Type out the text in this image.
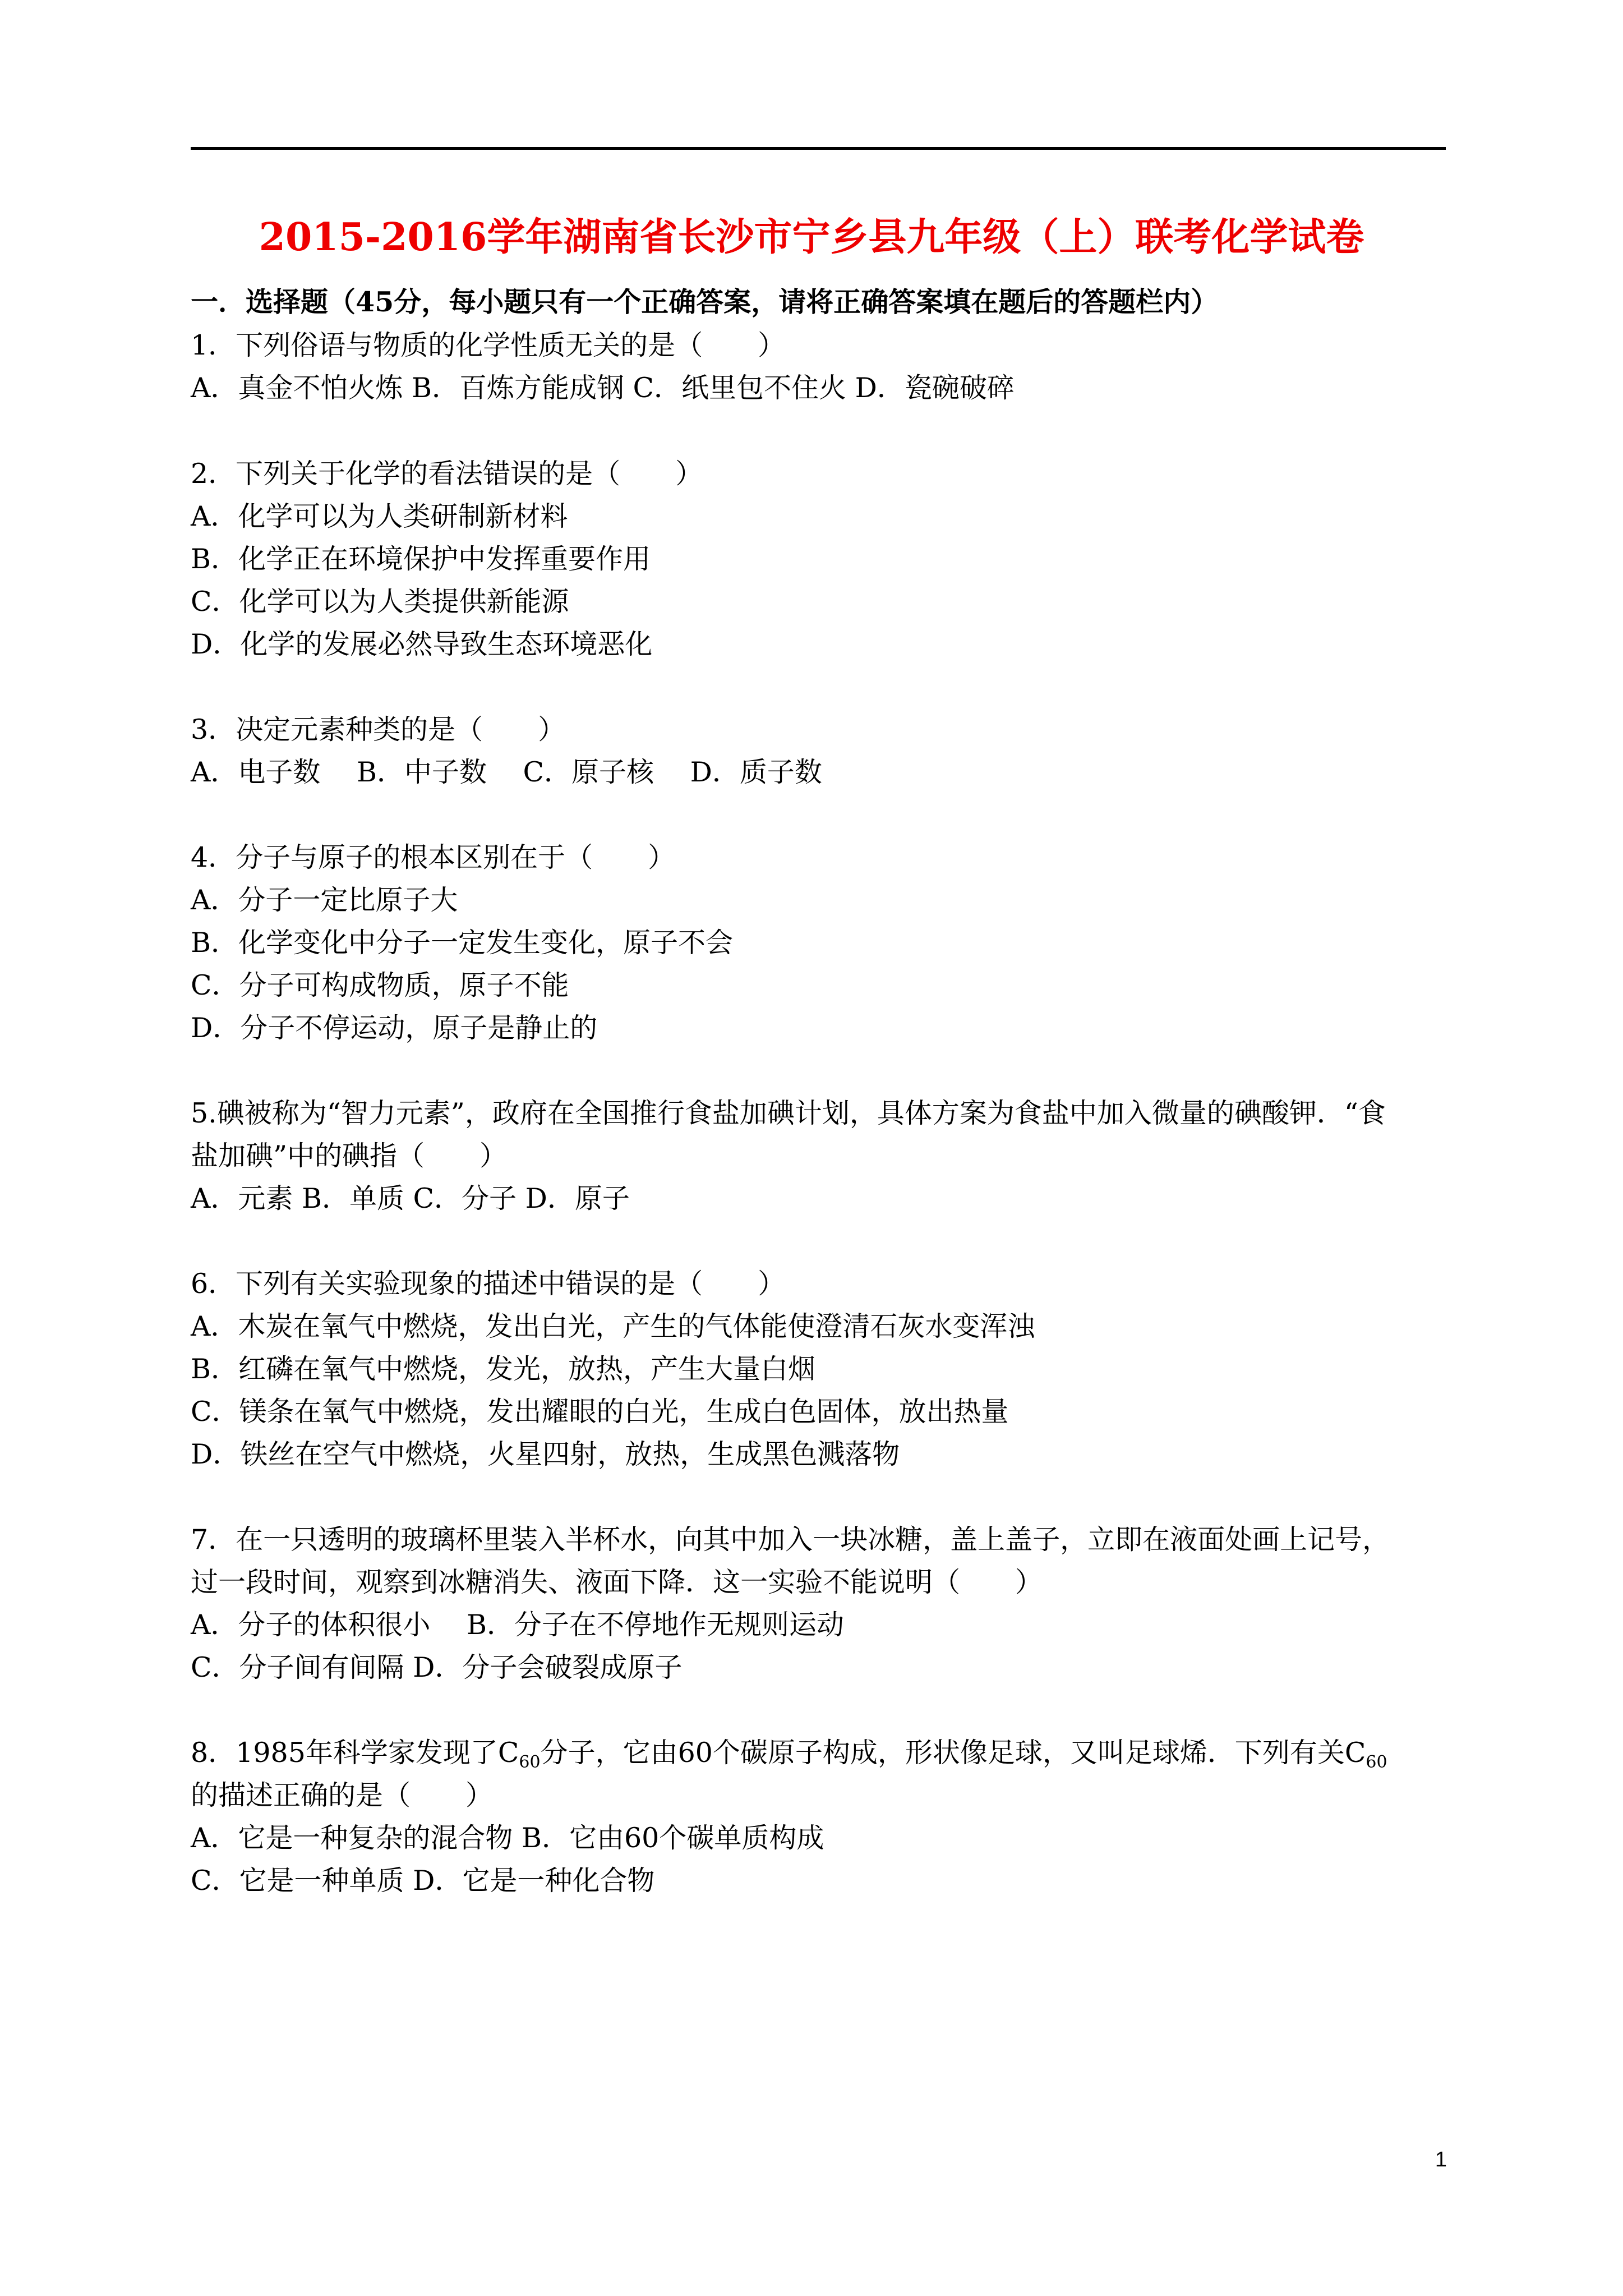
2015-2016学年湖南省长沙市宁乡县九年级（上）联考化学试卷
一．选择题（45分，每小题只有一个正确答案，请将正确答案填在题后的答题栏内）
1．下列俗语与物质的化学性质无关的是（　　）
A．真金不怕火炼 B．百炼方能成钢 C．纸里包不住火 D．瓷碗破碎
2．下列关于化学的看法错误的是（　　）
A．化学可以为人类研制新材料
B．化学正在环境保护中发挥重要作用
C．化学可以为人类提供新能源
D．化学的发展必然导致生态环境恶化
3．决定元素种类的是（　　）
A．电子数　 B．中子数　 C．原子核　 D．质子数
4．分子与原子的根本区别在于（　　）
A．分子一定比原子大
B．化学变化中分子一定发生变化，原子不会
C．分子可构成物质，原子不能
D．分子不停运动，原子是静止的
5.碘被称为“智力元素”，政府在全国推行食盐加碘计划，具体方案为食盐中加入微量的碘酸钾．“食
盐加碘”中的碘指（　　）
A．元素 B．单质 C．分子 D．原子
6．下列有关实验现象的描述中错误的是（　　）
A．木炭在氧气中燃烧，发出白光，产生的气体能使澄清石灰水变浑浊
B．红磷在氧气中燃烧，发光，放热，产生大量白烟
C．镁条在氧气中燃烧，发出耀眼的白光，生成白色固体，放出热量
D．铁丝在空气中燃烧，火星四射，放热，生成黑色溅落物
7．在一只透明的玻璃杯里装入半杯水，向其中加入一块冰糖，盖上盖子，立即在液面处画上记号，
过一段时间，观察到冰糖消失、液面下降．这一实验不能说明（　　）
A．分子的体积很小　 B．分子在不停地作无规则运动
C．分子间有间隔 D．分子会破裂成原子
8．1985年科学家发现了$C_{60}$分子，它由60个碳原子构成，形状像足球，又叫足球烯．下列有关$C_{60}$
的描述正确的是（　　）
A．它是一种复杂的混合物 B．它由60个碳单质构成
C．它是一种单质 D．它是一种化合物
1
